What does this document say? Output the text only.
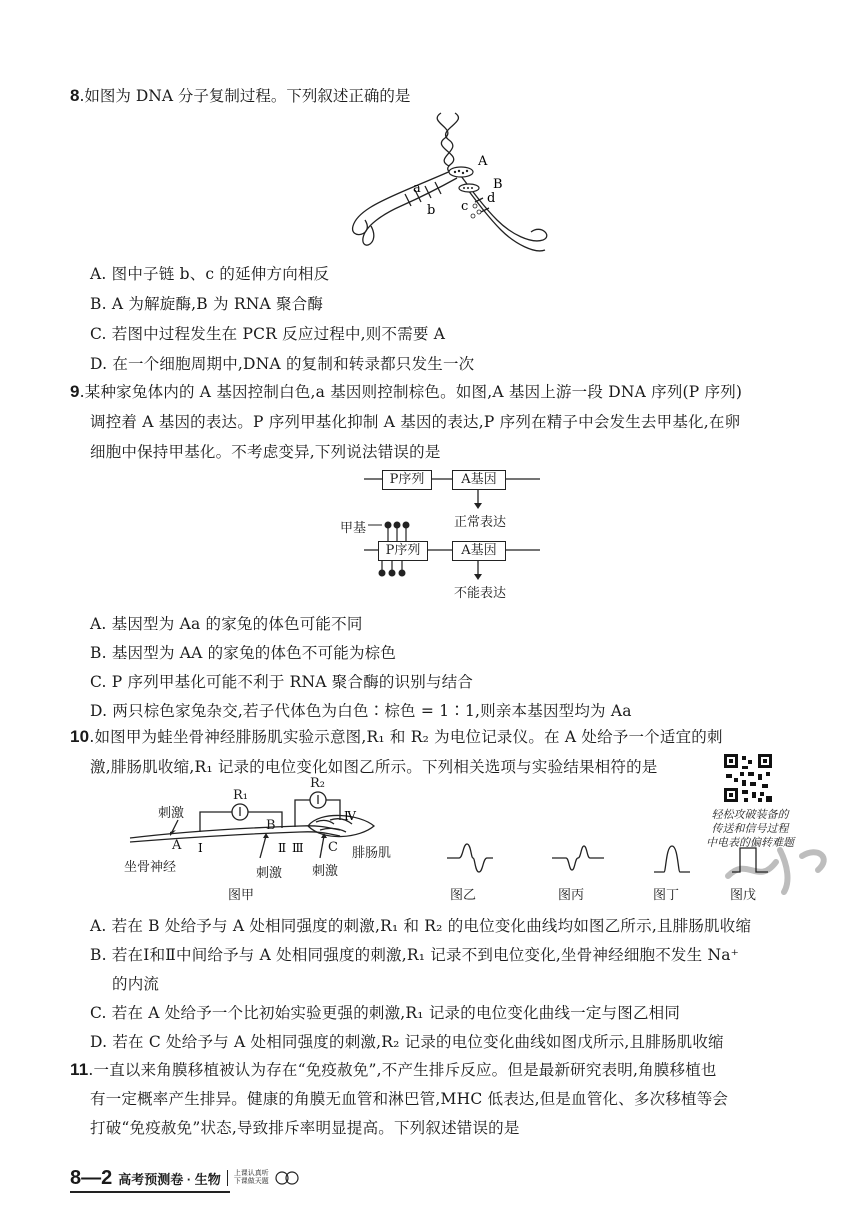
8.如图为 DNA 分子复制过程。下列叙述正确的是
A
B
a
b c
d
A. 图中子链 b、c 的延伸方向相反
B. A 为解旋酶,B 为 RNA 聚合酶
C. 若图中过程发生在 PCR 反应过程中,则不需要 A
D. 在一个细胞周期中,DNA 的复制和转录都只发生一次
9.某种家兔体内的 A 基因控制白色,a 基因则控制棕色。如图,A 基因上游一段 DNA 序列(P 序列)
调控着 A 基因的表达。P 序列甲基化抑制 A 基因的表达,P 序列在精子中会发生去甲基化,在卵
细胞中保持甲基化。不考虑变异,下列说法错误的是
P序列	A基因
正常表达
甲基
P序列	A基因
不能表达
A. 基因型为 Aa 的家兔的体色可能不同
B. 基因型为 AA 的家兔的体色不可能为棕色
C. P 序列甲基化可能不利于 RNA 聚合酶的识别与结合
D. 两只棕色家兔杂交,若子代体色为白色∶棕色 = 1∶1,则亲本基因型均为 Aa
10.如图甲为蛙坐骨神经腓肠肌实验示意图,R₁ 和 R₂ 为电位记录仪。在 A 处给予一个适宜的刺
激,腓肠肌收缩,R₁ 记录的电位变化如图乙所示。下列相关选项与实验结果相符的是
轻松攻破装备的
传送和信号过程
中电表的偏转难题
Ⅰ	Ⅱ Ⅲ
Ⅳ
刺激
A
R₁
B
R₂
C
坐骨神经	刺激 刺激
腓肠肌
图甲	图乙	图丙	图丁	图戊
A. 若在 B 处给予与 A 处相同强度的刺激,R₁ 和 R₂ 的电位变化曲线均如图乙所示,且腓肠肌收缩
B. 若在Ⅰ和Ⅱ中间给予与 A 处相同强度的刺激,R₁ 记录不到电位变化,坐骨神经细胞不发生 Na⁺
的内流
C. 若在 A 处给予一个比初始实验更强的刺激,R₁ 记录的电位变化曲线一定与图乙相同
D. 若在 C 处给予与 A 处相同强度的刺激,R₂ 记录的电位变化曲线如图戊所示,且腓肠肌收缩
11.一直以来角膜移植被认为存在“免疫赦免”,不产生排斥反应。但是最新研究表明,角膜移植也
有一定概率产生排异。健康的角膜无血管和淋巴管,MHC 低表达,但是血管化、多次移植等会
打破“免疫赦免”状态,导致排斥率明显提高。下列叙述错误的是
8—2 高考预测卷 · 生物 上课认真听
下课做天题
